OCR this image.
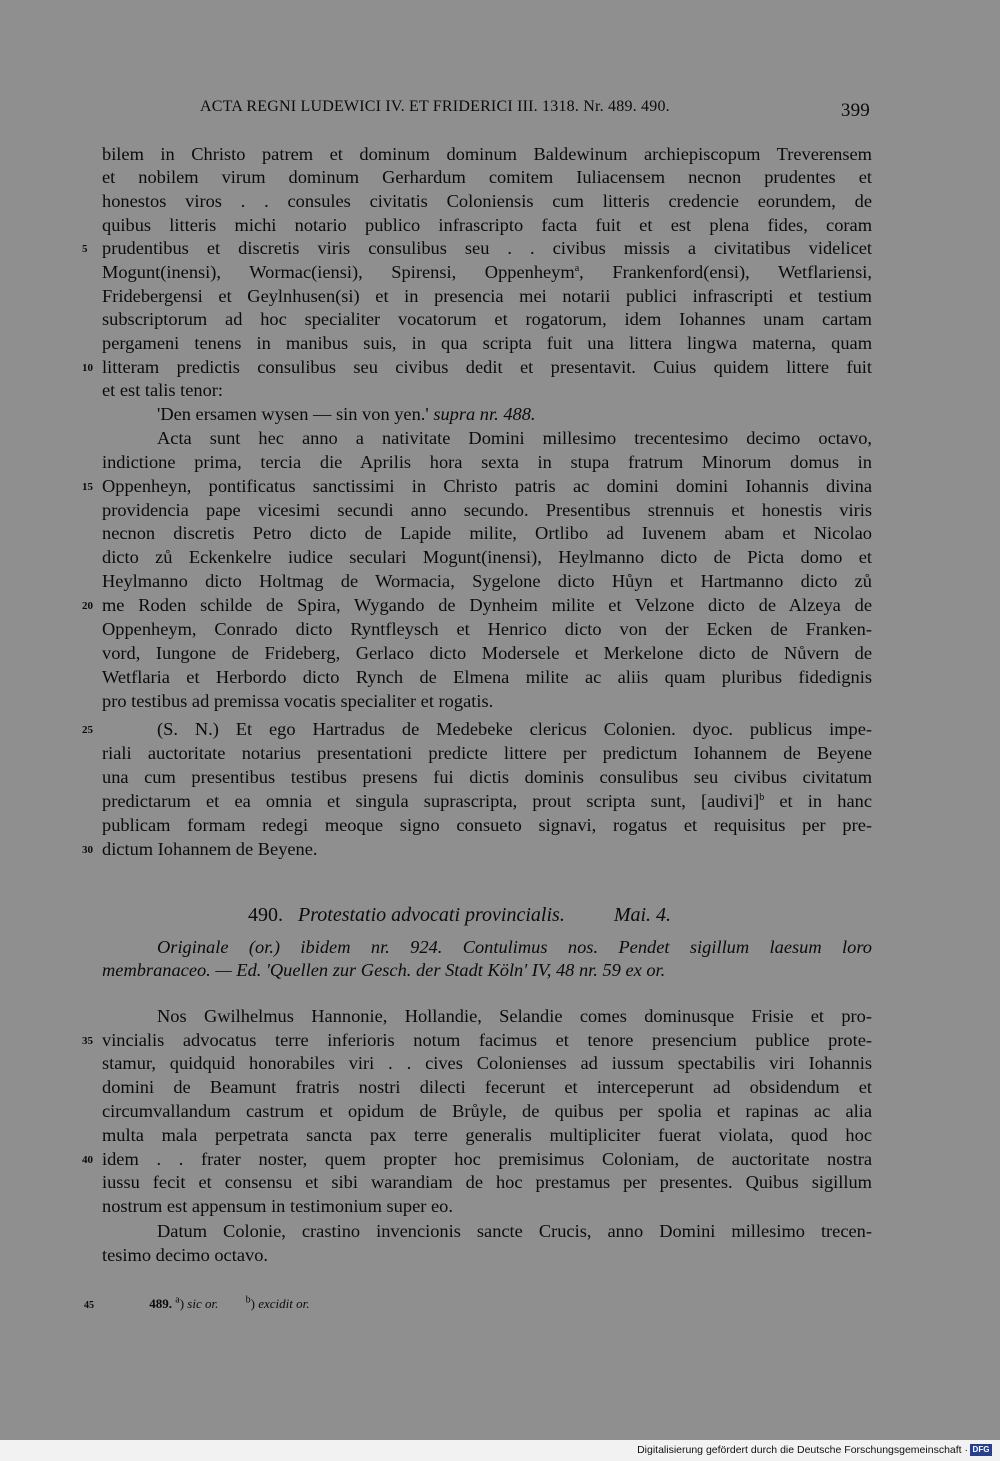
ACTA REGNI LUDEWICI IV. ET FRIDERICI III. 1318. Nr. 489. 490.	399
bilem in Christo patrem et dominum dominum Baldewinum archiepiscopum Treverensem
et nobilem virum dominum Gerhardum comitem Iuliacensem necnon prudentes et
honestos viros . . consules civitatis Coloniensis cum litteris credencie eorundem, de
quibus litteris michi notario publico infrascripto facta fuit et est plena fides, coram
prudentibus et discretis viris consulibus seu . . civibus missis a civitatibus videlicet
Mogunt(inensi), Wormac(iensi), Spirensi, Oppenheym$^a$, Frankenford(ensi), Wetflariensi,
Fridebergensi et Geylnhusen(si) et in presencia mei notarii publici infrascripti et testium
subscriptorum ad hoc specialiter vocatorum et rogatorum, idem Iohannes unam cartam
pergameni tenens in manibus suis, in qua scripta fuit una littera lingwa materna, quam
litteram predictis consulibus seu civibus dedit et presentavit. Cuius quidem littere fuit
et est talis tenor:
'Den ersamen wysen — sin von yen.' supra nr. 488.
Acta sunt hec anno a nativitate Domini millesimo trecentesimo decimo octavo,
indictione prima, tercia die Aprilis hora sexta in stupa fratrum Minorum domus in
Oppenheyn, pontificatus sanctissimi in Christo patris ac domini domini Iohannis divina
providencia pape vicesimi secundi anno secundo. Presentibus strennuis et honestis viris
necnon discretis Petro dicto de Lapide milite, Ortlibo ad Iuvenem abam et Nicolao
dicto zů Eckenkelre iudice seculari Mogunt(inensi), Heylmanno dicto de Picta domo et
Heylmanno dicto Holtmag de Wormacia, Sygelone dicto Hůyn et Hartmanno dicto zů
me Roden schilde de Spira, Wygando de Dynheim milite et Velzone dicto de Alzeya de
Oppenheym, Conrado dicto Ryntfleysch et Henrico dicto von der Ecken de Franken-
vord, Iungone de Frideberg, Gerlaco dicto Modersele et Merkelone dicto de Nůvern de
Wetflaria et Herbordo dicto Rynch de Elmena milite ac aliis quam pluribus fidedignis
pro testibus ad premissa vocatis specialiter et rogatis.
(S. N.) Et ego Hartradus de Medebeke clericus Colonien. dyoc. publicus impe-
riali auctoritate notarius presentationi predicte littere per predictum Iohannem de Beyene
una cum presentibus testibus presens fui dictis dominis consulibus seu civibus civitatum
predictarum et ea omnia et singula suprascripta, prout scripta sunt, [audivi]$^b$ et in hanc
publicam formam redegi meoque signo consueto signavi, rogatus et requisitus per pre-
dictum Iohannem de Beyene.
490. Protestatio advocati provincialis. Mai. 4.
Originale (or.) ibidem nr. 924. Contulimus nos. Pendet sigillum laesum loro
membranaceo. — Ed. 'Quellen zur Gesch. der Stadt Köln' IV, 48 nr. 59 ex or.
Nos Gwilhelmus Hannonie, Hollandie, Selandie comes dominusque Frisie et pro-
vincialis advocatus terre inferioris notum facimus et tenore presencium publice prote-
stamur, quidquid honorabiles viri . . cives Colonienses ad iussum spectabilis viri Iohannis
domini de Beamunt fratris nostri dilecti fecerunt et interceperunt ad obsidendum et
circumvallandum castrum et opidum de Brůyle, de quibus per spolia et rapinas ac alia
multa mala perpetrata sancta pax terre generalis multipliciter fuerat violata, quod hoc
idem . . frater noster, quem propter hoc premisimus Coloniam, de auctoritate nostra
iussu fecit et consensu et sibi warandiam de hoc prestamus per presentes. Quibus sigillum
nostrum est appensum in testimonium super eo.
Datum Colonie, crastino invencionis sancte Crucis, anno Domini millesimo trecen-
tesimo decimo octavo.
5
10
15
20
25
30
35
40
45	489. $^a$) sic or.	$^b$) excidit or.
Digitalisierung gefördert durch die Deutsche Forschungsgemeinschaft · DFG
